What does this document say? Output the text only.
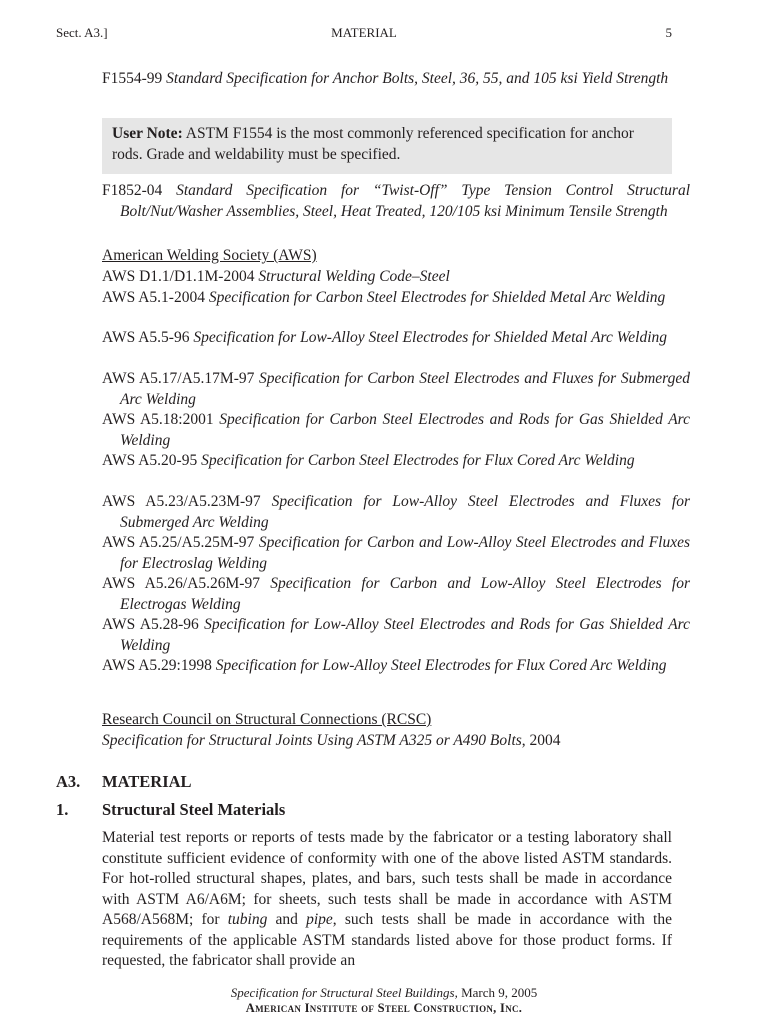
Sect. A3.]	MATERIAL	5
F1554-99 Standard Specification for Anchor Bolts, Steel, 36, 55, and 105 ksi Yield Strength
User Note: ASTM F1554 is the most commonly referenced specification for anchor rods. Grade and weldability must be specified.
F1852-04 Standard Specification for “Twist-Off” Type Tension Control Structural Bolt/Nut/Washer Assemblies, Steel, Heat Treated, 120/105 ksi Minimum Tensile Strength
American Welding Society (AWS)
AWS D1.1/D1.1M-2004 Structural Welding Code–Steel
AWS A5.1-2004 Specification for Carbon Steel Electrodes for Shielded Metal Arc Welding
AWS A5.5-96 Specification for Low-Alloy Steel Electrodes for Shielded Metal Arc Welding
AWS A5.17/A5.17M-97 Specification for Carbon Steel Electrodes and Fluxes for Submerged Arc Welding
AWS A5.18:2001 Specification for Carbon Steel Electrodes and Rods for Gas Shielded Arc Welding
AWS A5.20-95 Specification for Carbon Steel Electrodes for Flux Cored Arc Welding
AWS A5.23/A5.23M-97 Specification for Low-Alloy Steel Electrodes and Fluxes for Submerged Arc Welding
AWS A5.25/A5.25M-97 Specification for Carbon and Low-Alloy Steel Electrodes and Fluxes for Electroslag Welding
AWS A5.26/A5.26M-97 Specification for Carbon and Low-Alloy Steel Electrodes for Electrogas Welding
AWS A5.28-96 Specification for Low-Alloy Steel Electrodes and Rods for Gas Shielded Arc Welding
AWS A5.29:1998 Specification for Low-Alloy Steel Electrodes for Flux Cored Arc Welding
Research Council on Structural Connections (RCSC)
Specification for Structural Joints Using ASTM A325 or A490 Bolts, 2004
A3. MATERIAL
1. Structural Steel Materials
Material test reports or reports of tests made by the fabricator or a testing laboratory shall constitute sufficient evidence of conformity with one of the above listed ASTM standards. For hot-rolled structural shapes, plates, and bars, such tests shall be made in accordance with ASTM A6/A6M; for sheets, such tests shall be made in accordance with ASTM A568/A568M; for tubing and pipe, such tests shall be made in accordance with the requirements of the applicable ASTM standards listed above for those product forms. If requested, the fabricator shall provide an
Specification for Structural Steel Buildings, March 9, 2005
American Institute of Steel Construction, Inc.
